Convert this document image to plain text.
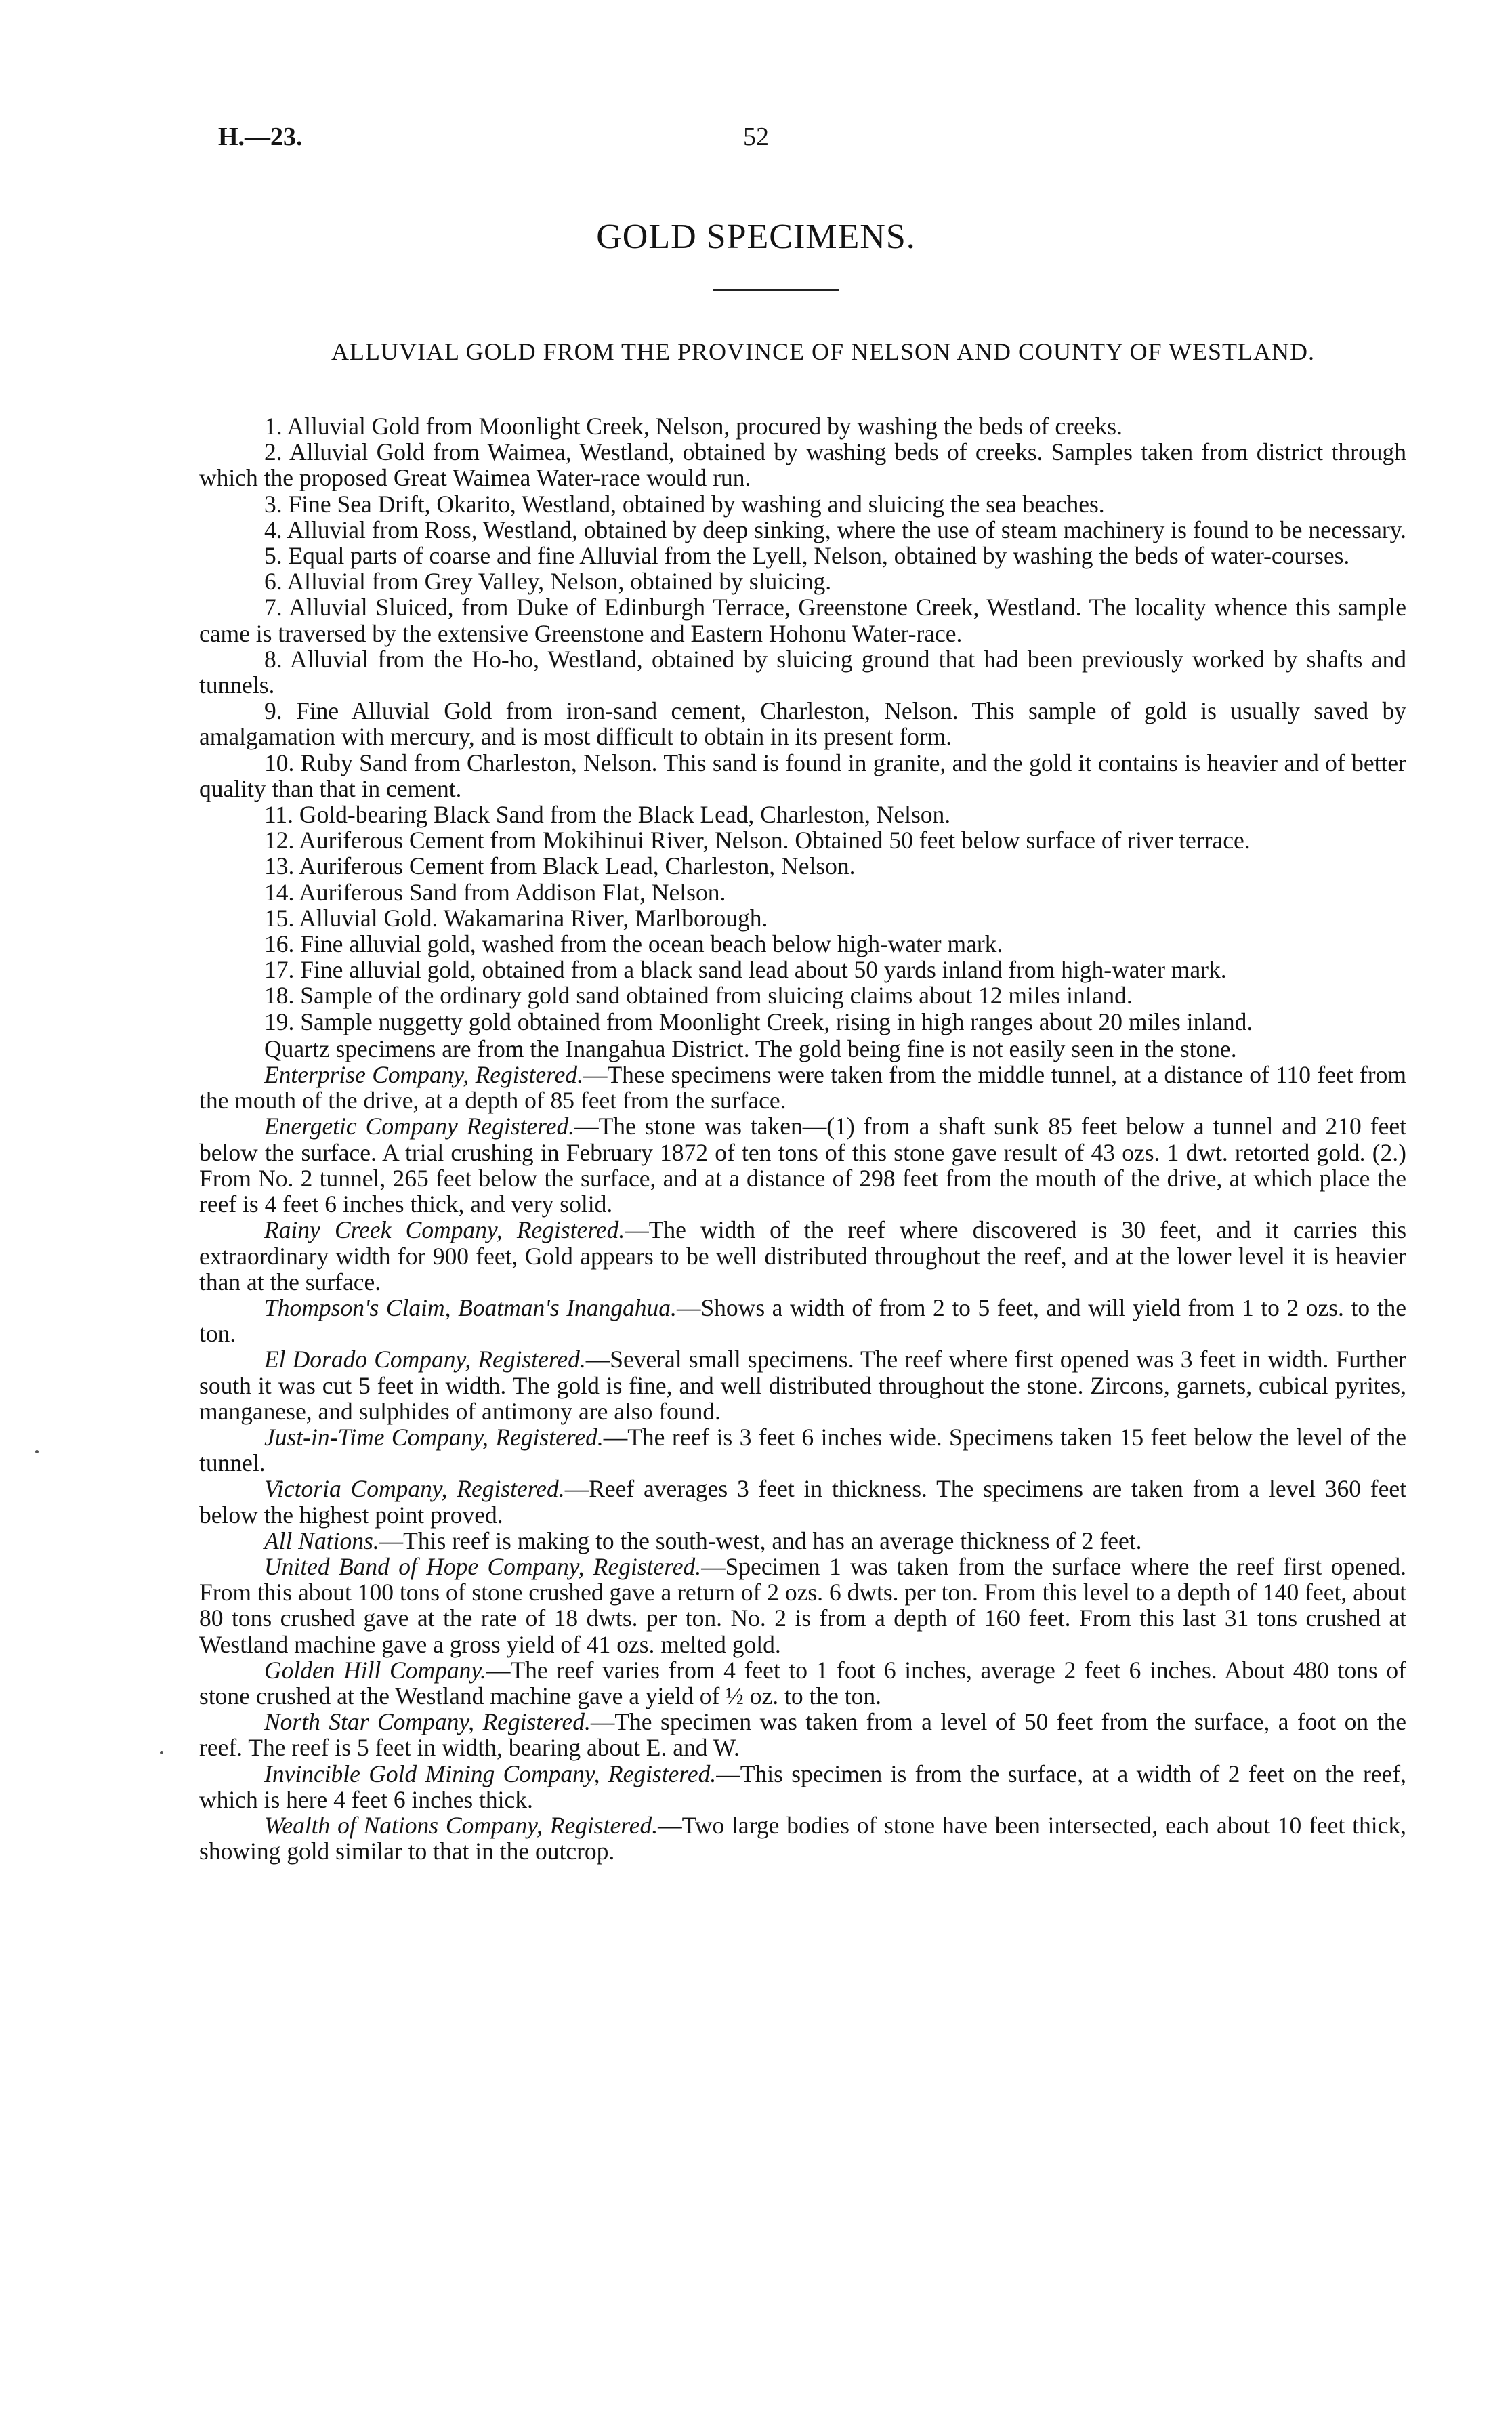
H.—23.	52
GOLD SPECIMENS.
ALLUVIAL GOLD FROM THE PROVINCE OF NELSON AND COUNTY OF WESTLAND.

1. Alluvial Gold from Moonlight Creek, Nelson, procured by washing the beds of creeks.

2. Alluvial Gold from Waimea, Westland, obtained by washing beds of creeks. Samples taken from district through which the proposed Great Waimea Water-race would run.

3. Fine Sea Drift, Okarito, Westland, obtained by washing and sluicing the sea beaches.

4. Alluvial from Ross, Westland, obtained by deep sinking, where the use of steam machinery is found to be necessary.

5. Equal parts of coarse and fine Alluvial from the Lyell, Nelson, obtained by washing the beds of water-courses.

6. Alluvial from Grey Valley, Nelson, obtained by sluicing.

7. Alluvial Sluiced, from Duke of Edinburgh Terrace, Greenstone Creek, Westland. The locality whence this sample came is traversed by the extensive Greenstone and Eastern Hohonu Water-race.

8. Alluvial from the Ho-ho, Westland, obtained by sluicing ground that had been previously worked by shafts and tunnels.

9. Fine Alluvial Gold from iron-sand cement, Charleston, Nelson. This sample of gold is usually saved by amalgamation with mercury, and is most difficult to obtain in its present form.

10. Ruby Sand from Charleston, Nelson. This sand is found in granite, and the gold it contains is heavier and of better quality than that in cement.

11. Gold-bearing Black Sand from the Black Lead, Charleston, Nelson.

12. Auriferous Cement from Mokihinui River, Nelson. Obtained 50 feet below surface of river terrace.

13. Auriferous Cement from Black Lead, Charleston, Nelson.

14. Auriferous Sand from Addison Flat, Nelson.

15. Alluvial Gold. Wakamarina River, Marlborough.

16. Fine alluvial gold, washed from the ocean beach below high-water mark.

17. Fine alluvial gold, obtained from a black sand lead about 50 yards inland from high-water mark.

18. Sample of the ordinary gold sand obtained from sluicing claims about 12 miles inland.

19. Sample nuggetty gold obtained from Moonlight Creek, rising in high ranges about 20 miles inland.

Quartz specimens are from the Inangahua District. The gold being fine is not easily seen in the stone.

Enterprise Company, Registered.—These specimens were taken from the middle tunnel, at a distance of 110 feet from the mouth of the drive, at a depth of 85 feet from the surface.

Energetic Company Registered.—The stone was taken—(1) from a shaft sunk 85 feet below a tunnel and 210 feet below the surface. A trial crushing in February 1872 of ten tons of this stone gave result of 43 ozs. 1 dwt. retorted gold. (2.) From No. 2 tunnel, 265 feet below the surface, and at a distance of 298 feet from the mouth of the drive, at which place the reef is 4 feet 6 inches thick, and very solid.

Rainy Creek Company, Registered.—The width of the reef where discovered is 30 feet, and it carries this extraordinary width for 900 feet, Gold appears to be well distributed throughout the reef, and at the lower level it is heavier than at the surface.

Thompson's Claim, Boatman's Inangahua.—Shows a width of from 2 to 5 feet, and will yield from 1 to 2 ozs. to the ton.

El Dorado Company, Registered.—Several small specimens. The reef where first opened was 3 feet in width. Further south it was cut 5 feet in width. The gold is fine, and well distributed throughout the stone. Zircons, garnets, cubical pyrites, manganese, and sulphides of antimony are also found.

Just-in-Time Company, Registered.—The reef is 3 feet 6 inches wide. Specimens taken 15 feet below the level of the tunnel.

Victoria Company, Registered.—Reef averages 3 feet in thickness. The specimens are taken from a level 360 feet below the highest point proved.

All Nations.—This reef is making to the south-west, and has an average thickness of 2 feet.

United Band of Hope Company, Registered.—Specimen 1 was taken from the surface where the reef first opened. From this about 100 tons of stone crushed gave a return of 2 ozs. 6 dwts. per ton. From this level to a depth of 140 feet, about 80 tons crushed gave at the rate of 18 dwts. per ton. No. 2 is from a depth of 160 feet. From this last 31 tons crushed at Westland machine gave a gross yield of 41 ozs. melted gold.

Golden Hill Company.—The reef varies from 4 feet to 1 foot 6 inches, average 2 feet 6 inches. About 480 tons of stone crushed at the Westland machine gave a yield of ½ oz. to the ton.

North Star Company, Registered.—The specimen was taken from a level of 50 feet from the surface, a foot on the reef. The reef is 5 feet in width, bearing about E. and W.

Invincible Gold Mining Company, Registered.—This specimen is from the surface, at a width of 2 feet on the reef, which is here 4 feet 6 inches thick.

Wealth of Nations Company, Registered.—Two large bodies of stone have been intersected, each about 10 feet thick, showing gold similar to that in the outcrop.
